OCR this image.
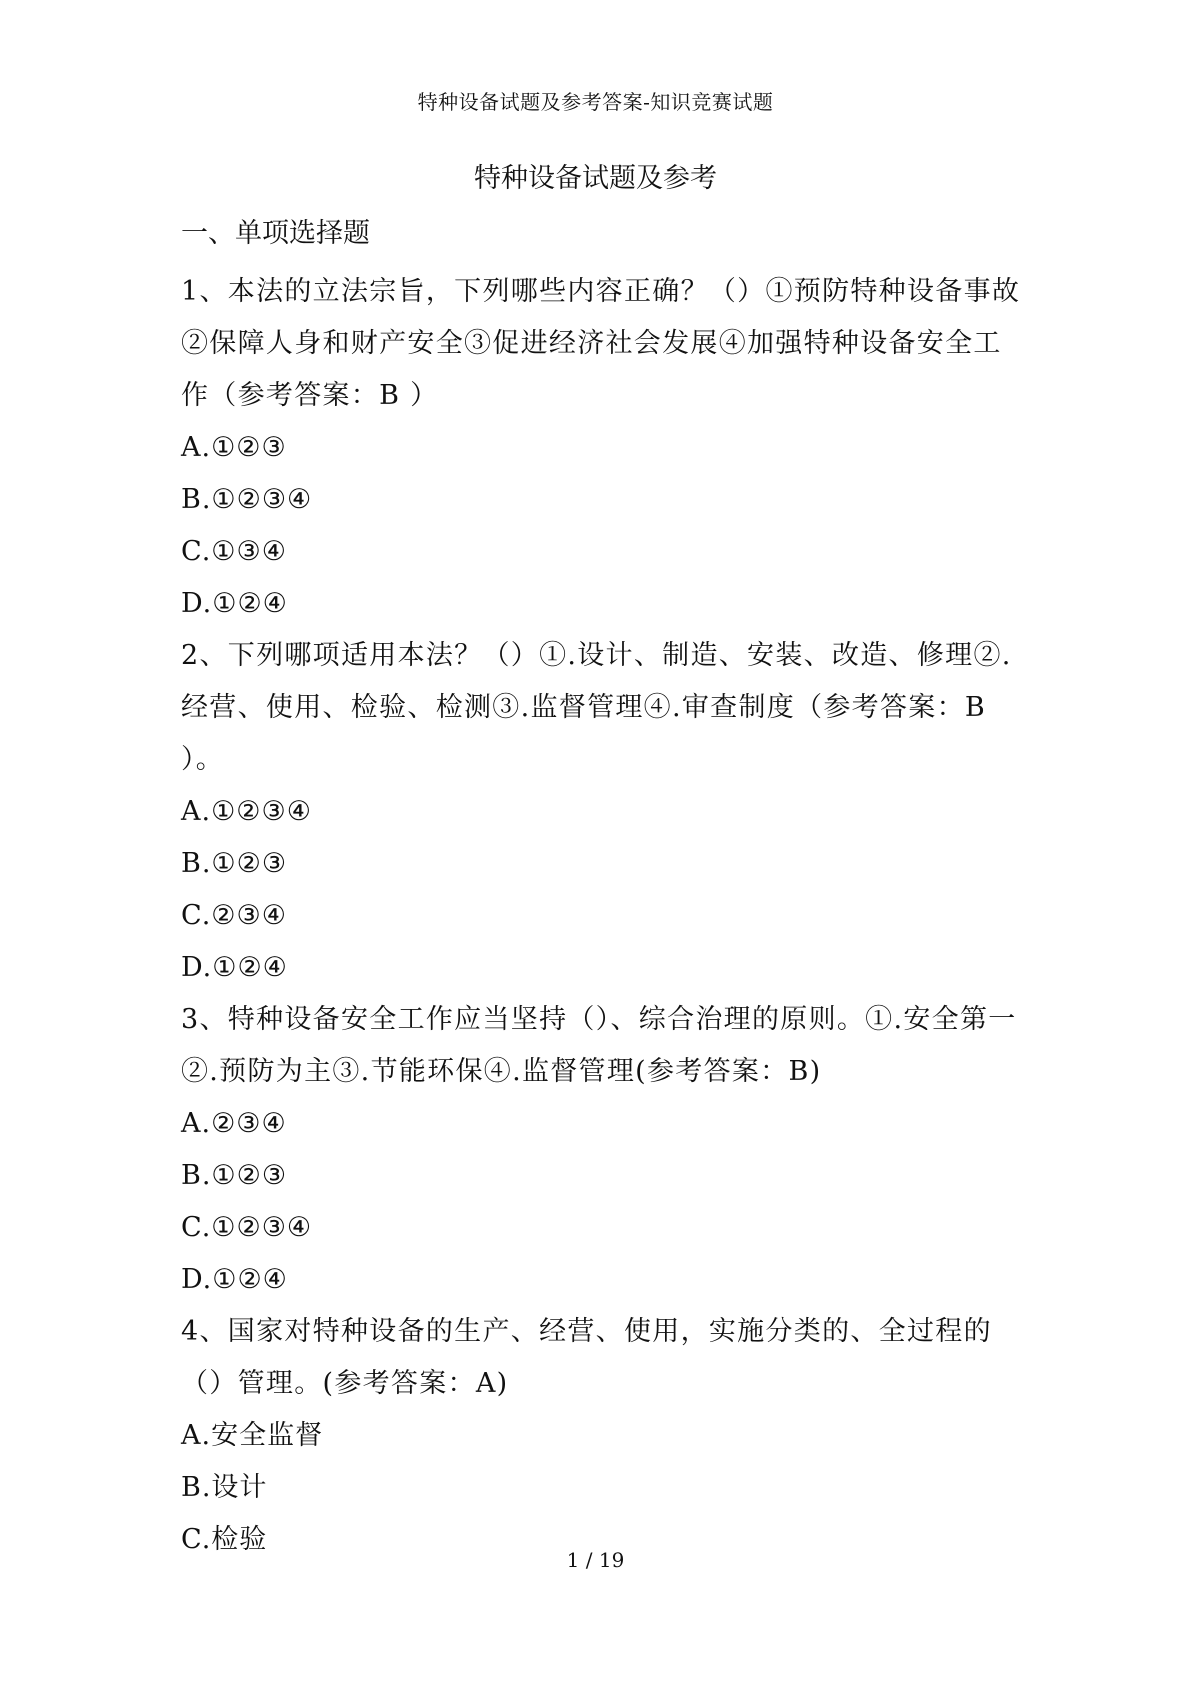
特种设备试题及参考答案-知识竞赛试题
特种设备试题及参考
一、单项选择题
1、本法的立法宗旨，下列哪些内容正确？（）①预防特种设备事故②保障人身和财产安全③促进经济社会发展④加强特种设备安全工作（参考答案：B ）
A.①②③
B.①②③④
C.①③④
D.①②④
2、下列哪项适用本法？（）①.设计、制造、安装、改造、修理②.经营、使用、检验、检测③.监督管理④.审查制度（参考答案：B ）。
A.①②③④
B.①②③
C.②③④
D.①②④
3、特种设备安全工作应当坚持（）、综合治理的原则。①.安全第一②.预防为主③.节能环保④.监督管理(参考答案：B)
A.②③④
B.①②③
C.①②③④
D.①②④
4、国家对特种设备的生产、经营、使用，实施分类的、全过程的（）管理。(参考答案：A)
A.安全监督
B.设计
C.检验
1 / 19
